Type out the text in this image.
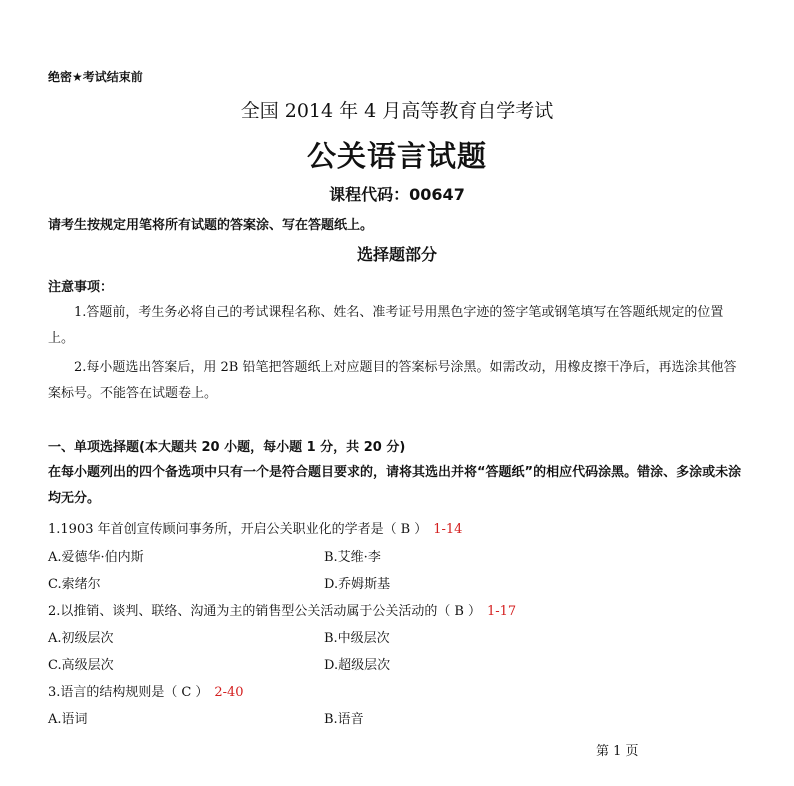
绝密★考试结束前
全国 2014 年 4 月高等教育自学考试
公关语言试题
课程代码：00647
请考生按规定用笔将所有试题的答案涂、写在答题纸上。
选择题部分
注意事项：
1.答题前，考生务必将自己的考试课程名称、姓名、准考证号用黑色字迹的签字笔或钢笔填写在答题纸规定的位置上。
2.每小题选出答案后，用 2B 铅笔把答题纸上对应题目的答案标号涂黑。如需改动，用橡皮擦干净后，再选涂其他答案标号。不能答在试题卷上。
一、单项选择题(本大题共 20 小题，每小题 1 分，共 20 分)
在每小题列出的四个备选项中只有一个是符合题目要求的，请将其选出并将“答题纸”的相应代码涂黑。错涂、多涂或未涂均无分。
1.1903 年首创宣传顾问事务所，开启公关职业化的学者是（ B ） 1-14
A.爱德华·伯内斯	B.艾维·李
C.索绪尔	D.乔姆斯基
2.以推销、谈判、联络、沟通为主的销售型公关活动属于公关活动的（ B ） 1-17
A.初级层次	B.中级层次
C.高级层次	D.超级层次
3.语言的结构规则是（ C ） 2-40
A.语词	B.语音
第 1 页
